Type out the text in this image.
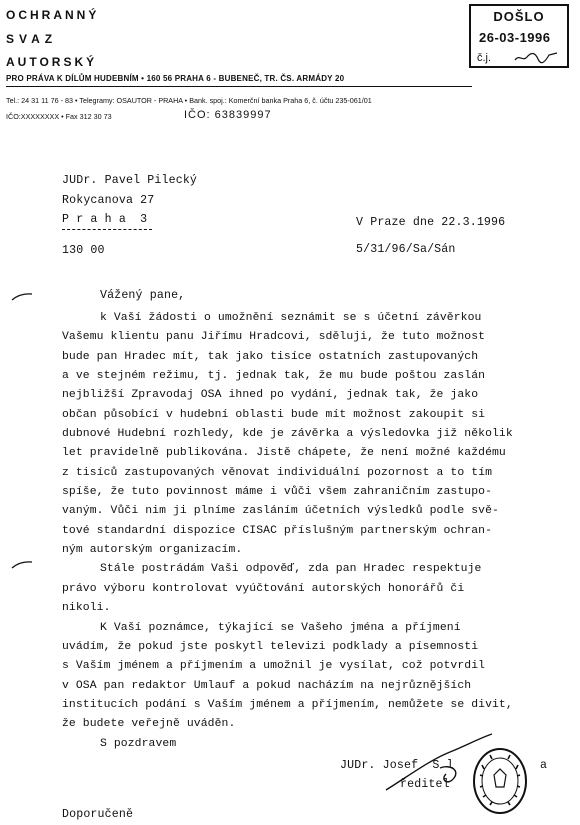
OCHRANNÝ
SVAZ
AUTORSKÝ
PRO PRÁVA K DÍLŮM HUDEBNÍM • 160 56 PRAHA 6 - BUBENEČ, TR. ČS. ARMÁDY 20
Tel.: 24 31 11 76 - 83 • Telegramy: OSAUTOR - PRAHA • Bank. spoj.: Komerční banka Praha 6, č. účtu 235-061/01
IČO:XXXXXXXX • Fax 312 30 73	IČO: 63839997
DOŠLO
26-03-1996
č.j.
JUDr. Pavel Pilecký
Rokycanova 27
P r a h a  3
130 00
V Praze dne 22.3.1996
5/31/96/Sa/Sán
Vážený pane,
k Vaší žádosti o umožnění seznámit se s účetní závěrkou
Vašemu klientu panu Jiřímu Hradcovi, sděluji, že tuto možnost
bude pan Hradec mít, tak jako tisíce ostatních zastupovaných
a ve stejném režimu, tj. jednak tak, že mu bude poštou zaslán
nejbližší Zpravodaj OSA ihned po vydání, jednak tak, že jako
občan působící v hudební oblasti bude mít možnost zakoupit si
dubnové Hudební rozhledy, kde je závěrka a výsledovka již několik
let pravidelně publikována. Jistě chápete, že není možné každému
z tisíců zastupovaných věnovat individuální pozornost a to tím
spíše, že tuto povinnost máme i vůči všem zahraničním zastupo-
vaným. Vůči nim ji plníme zasláním účetních výsledků podle svě-
tové standardní dispozice CISAC příslušným partnerským ochran-
ným autorským organizacím.
Stále postrádám Vaši odpověď, zda pan Hradec respektuje
právo výboru kontrolovat vyúčtování autorských honorářů či
nikoli.
K Vaší poznámce, týkající se Vašeho jména a příjmení
uvádím, že pokud jste poskytl televizi podklady a písemnosti
s Vaším jménem a příjmením a umožnil je vysílat, což potvrdil
v OSA pan redaktor Umlauf a pokud nacházím na nejrůznějších
institucích podání s Vaším jménem a příjmením, nemůžete se divit,
že budete veřejně uváděn.
S pozdravem
JUDr. Josef  S l	a
ředitel
Doporučeně
